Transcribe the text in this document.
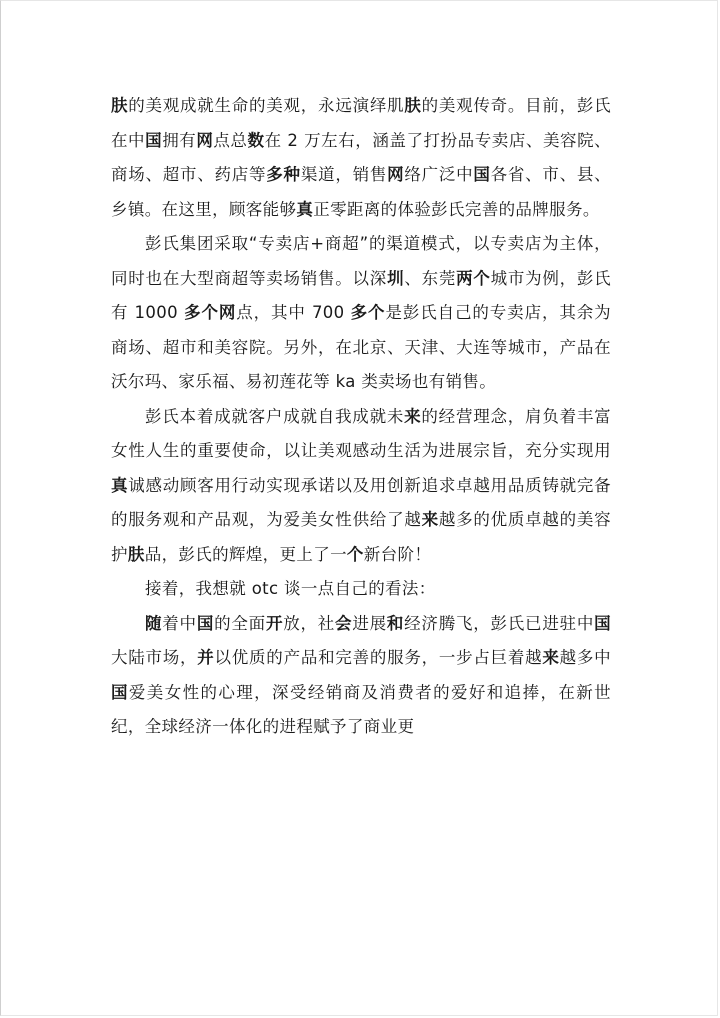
肤的美观成就生命的美观，永远演绎肌肤的美观传奇。目前，彭氏在中国拥有网点总数在 2 万左右，涵盖了打扮品专卖店、美容院、商场、超市、药店等多种渠道，销售网络广泛中国各省、市、县、乡镇。在这里，顾客能够真正零距离的体验彭氏完善的品牌服务。

彭氏集团采取“专卖店+商超”的渠道模式，以专卖店为主体，同时也在大型商超等卖场销售。以深圳、东莞两个城市为例，彭氏有 1000 多个网点，其中 700 多个是彭氏自己的专卖店，其余为商场、超市和美容院。另外，在北京、天津、大连等城市，产品在沃尔玛、家乐福、易初莲花等 ka 类卖场也有销售。

彭氏本着成就客户成就自我成就未来的经营理念，肩负着丰富女性人生的重要使命，以让美观感动生活为进展宗旨，充分实现用真诚感动顾客用行动实现承诺以及用创新追求卓越用品质铸就完备的服务观和产品观，为爱美女性供给了越来越多的优质卓越的美容护肤品，彭氏的辉煌，更上了一个新台阶！

接着，我想就 otc 谈一点自己的看法：

随着中国的全面开放，社会进展和经济腾飞，彭氏已进驻中国大陆市场，并以优质的产品和完善的服务，一步占巨着越来越多中国爱美女性的心理，深受经销商及消费者的爱好和追捧，在新世纪，全球经济一体化的进程赋予了商业更
